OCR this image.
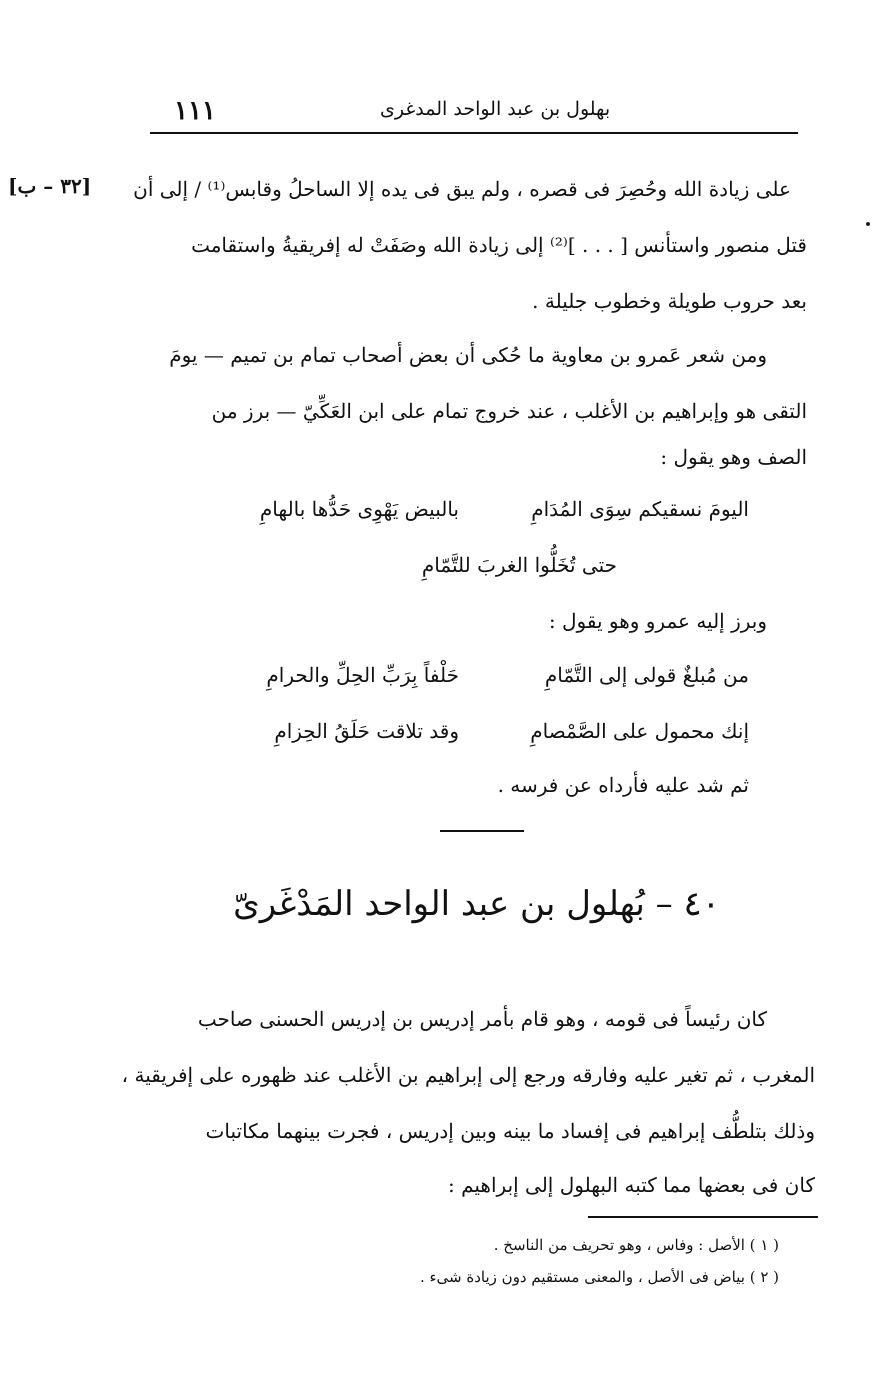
١١١	بهلول بن عبد الواحد المدغرى
[٣٢ – ب] على زيادة الله وحُصِرَ فى قصره ، ولم يبق فى يده إلا الساحلُ وقابس⁽¹⁾ / إلى أن
قتل منصور واستأنس [ . . . ]⁽²⁾ إلى زيادة الله وصَفَتْ له إفريقيةُ واستقامت
بعد حروب طويلة وخطوب جليلة .
ومن شعر عَمرو بن معاوية ما حُكى أن بعض أصحاب تمام بن تميم — يومَ
التقى هو وإبراهيم بن الأغلب ، عند خروج تمام على ابن العَكِّيّ — برز من
الصف وهو يقول :
اليومَ نسقيكم سِوَى المُدَامِ
بالبيض يَهْوِى حَدُّها بالهامِ
حتى تُخَلُّوا الغربَ للتَّمّامِ
وبرز إليه عمرو وهو يقول :
من مُبلغٌ قولى إلى التَّمّامِ
حَلْفاً بِرَبِّ الحِلِّ والحرامِ
إنك محمول على الصَّمْصامِ
وقد تلاقت حَلَقُ الحِزامِ
ثم شد عليه فأرداه عن فرسه .
٤٠ – بُهلول بن عبد الواحد المَدْغَرىّ
كان رئيساً فى قومه ، وهو قام بأمر إدريس بن إدريس الحسنى صاحب
المغرب ، ثم تغير عليه وفارقه ورجع إلى إبراهيم بن الأغلب عند ظهوره على إفريقية ،
وذلك بتلطُّف إبراهيم فى إفساد ما بينه وبين إدريس ، فجرت بينهما مكاتبات
كان فى بعضها مما كتبه البهلول إلى إبراهيم :
( ١ ) الأصل : وفاس ، وهو تحريف من الناسخ .
( ٢ ) بياض فى الأصل ، والمعنى مستقيم دون زيادة شىء .
